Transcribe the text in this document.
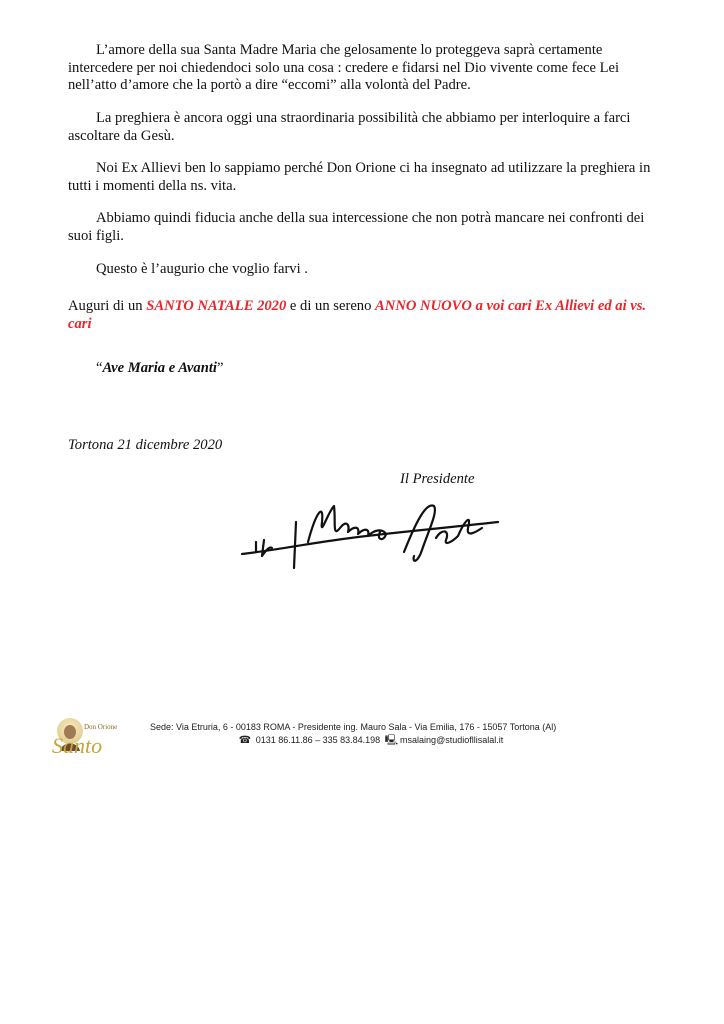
L’amore della sua Santa Madre Maria che gelosamente lo proteggeva saprà certamente intercedere per noi chiedendoci solo una cosa : credere e fidarsi nel Dio vivente come fece Lei nell’atto d’amore che la portò a dire “eccomi” alla volontà del Padre.

La preghiera è ancora oggi una straordinaria possibilità che abbiamo per interloquire a farci ascoltare da Gesù.

Noi Ex Allievi ben lo sappiamo perché Don Orione ci ha insegnato ad utilizzare la preghiera in tutti i momenti della ns. vita.

Abbiamo quindi fiducia anche della sua intercessione che non potrà mancare nei confronti dei suoi figli.

Questo è l’augurio che voglio farvi .

Auguri di un SANTO NATALE 2020 e di un sereno ANNO NUOVO a voi cari Ex Allievi ed ai vs. cari

“Ave Maria e Avanti”
Tortona 21 dicembre 2020
Il Presidente
Don Orione
Santo
Sede: Via Etruria, 6 - 00183 ROMA - Presidente ing. Mauro Sala - Via Emilia, 176 - 15057 Tortona (Al)
☎ 0131 86.11.86 – 335 83.84.198 🖳 msalaing@studiofllisalal.it
